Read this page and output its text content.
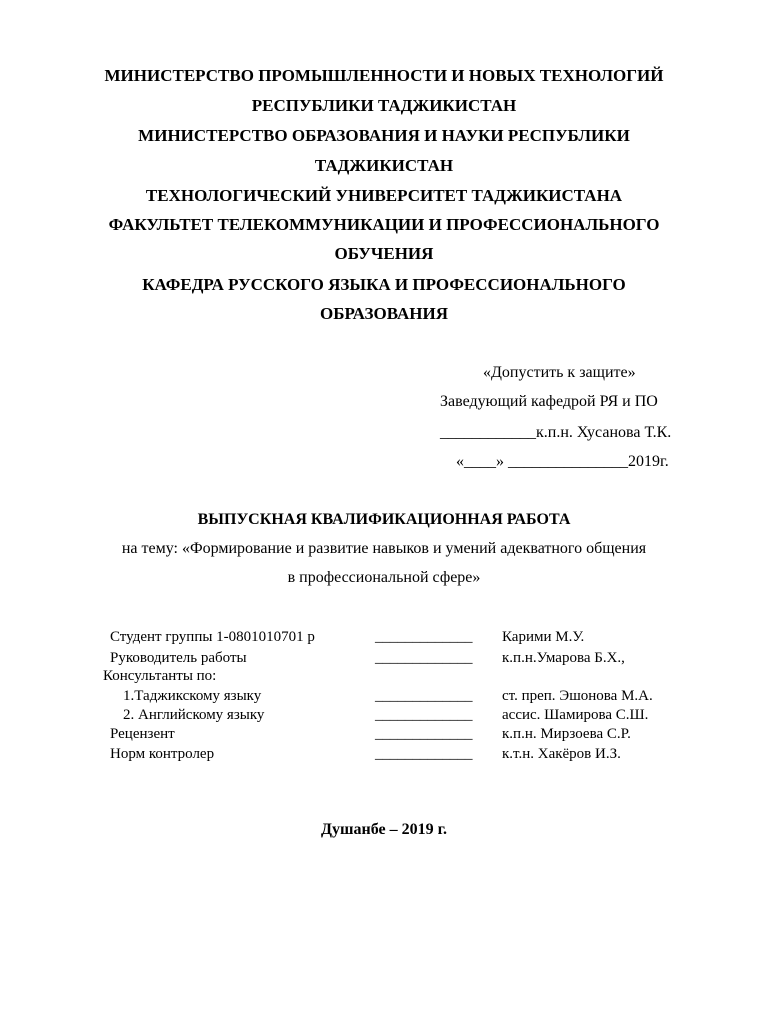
МИНИСТЕРСТВО ПРОМЫШЛЕННОСТИ И НОВЫХ ТЕХНОЛОГИЙ
РЕСПУБЛИКИ ТАДЖИКИСТАН
МИНИСТЕРСТВО ОБРАЗОВАНИЯ И НАУКИ РЕСПУБЛИКИ
ТАДЖИКИСТАН
ТЕХНОЛОГИЧЕСКИЙ УНИВЕРСИТЕТ ТАДЖИКИСТАНА
ФАКУЛЬТЕТ ТЕЛЕКОММУНИКАЦИИ И ПРОФЕССИОНАЛЬНОГО
ОБУЧЕНИЯ
КАФЕДРА РУССКОГО ЯЗЫКА И ПРОФЕССИОНАЛЬНОГО
ОБРАЗОВАНИЯ
«Допустить к защите»
Заведующий кафедрой РЯ и ПО
____________к.п.н. Хусанова Т.К.
«____» _______________2019г.
ВЫПУСКНАЯ КВАЛИФИКАЦИОННАЯ РАБОТА
на тему: «Формирование и развитие навыков и умений адекватного общения
в профессиональной сфере»
Студент группы 1-0801010701 р	_____________ Карими М.У.
Руководитель работы	_____________ к.п.н.Умарова Б.Х.,
Консультанты по:
1.Таджикскому языку	_____________ ст. преп. Эшонова М.А.
2. Английскому языку	_____________ ассис. Шамирова С.Ш.
Рецензент	_____________ к.п.н. Мирзоева С.Р.
Норм контролер	_____________ к.т.н. Хакёров И.З.
Душанбе – 2019 г.
